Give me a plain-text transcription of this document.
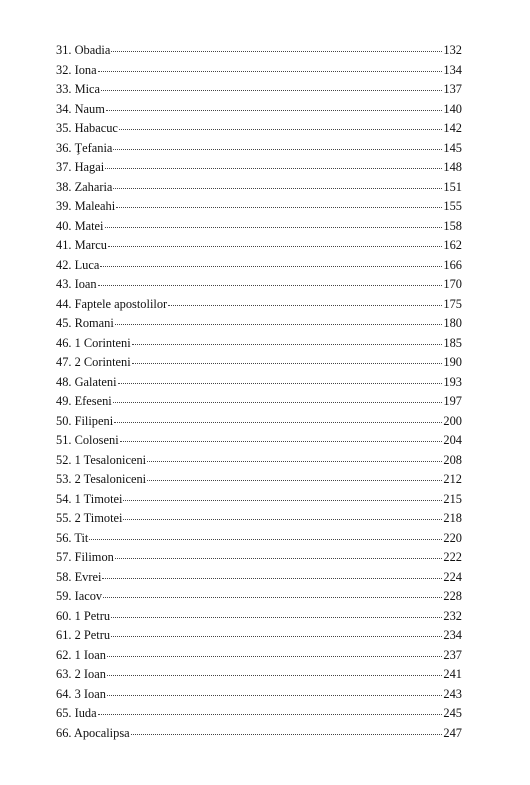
31. Obadia	132
32. Iona	134
33. Mica	137
34. Naum	140
35. Habacuc	142
36. Ţefania	145
37. Hagai	148
38. Zaharia	151
39. Maleahi	155
40. Matei	158
41. Marcu	162
42. Luca	166
43. Ioan	170
44. Faptele apostolilor	175
45. Romani	180
46. 1 Corinteni	185
47. 2 Corinteni	190
48. Galateni	193
49. Efeseni	197
50. Filipeni	200
51. Coloseni	204
52. 1 Tesaloniceni	208
53. 2 Tesaloniceni	212
54. 1 Timotei	215
55. 2 Timotei	218
56. Tit	220
57. Filimon	222
58. Evrei	224
59. Iacov	228
60. 1 Petru	232
61. 2 Petru	234
62. 1 Ioan	237
63. 2 Ioan	241
64. 3 Ioan	243
65. Iuda	245
66. Apocalipsa	247
